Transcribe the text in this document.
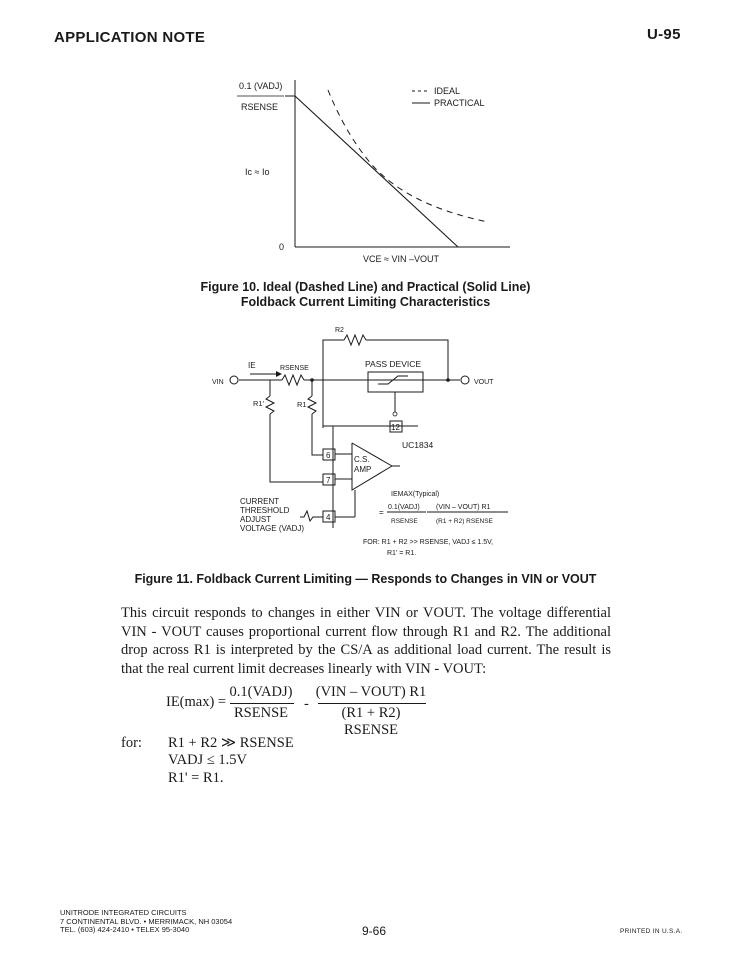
APPLICATION NOTE	U-95
IDEAL
PRACTICAL
0.1 (VADJ)
RSENSE
Ic ≈ Io
0
VCE ≈ VIN –VOUT
Figure 10. Ideal (Dashed Line) and Practical (Solid Line)
Foldback Current Limiting Characteristics
R2
IE	RSENSE
VIN	VOUT
R1'	R1
PASS DEVICE
12
6
7
4
UC1834
C.S.
AMP
CURRENT
THRESHOLD
ADJUST
VOLTAGE (VADJ)
IEMAX(Typical)
=
0.1(VADJ)
RSENSE
(VIN – VOUT) R1
(R1 + R2) RSENSE
FOR: R1 + R2 >> RSENSE, VADJ ≤ 1.5V,
R1' = R1.
Figure 11. Foldback Current Limiting — Responds to Changes in VIN or VOUT
This circuit responds to changes in either VIN or VOUT. The voltage differential VIN - VOUT causes proportional current flow through R1 and R2. The additional drop across R1 is interpreted by the CS/A as additional load current. The result is that the real current limit decreases linearly with VIN - VOUT:
IE(max) =
0.1(VADJ)
RSENSE
-
(VIN – VOUT) R1
(R1 + R2) RSENSE
for: R1 + R2 ≫ RSENSE
VADJ ≤ 1.5V
R1' = R1.
UNITRODE INTEGRATED CIRCUITS
7 CONTINENTAL BLVD. • MERRIMACK, NH 03054
TEL. (603) 424-2410 • TELEX 95-3040	9-66	PRINTED IN U.S.A.
